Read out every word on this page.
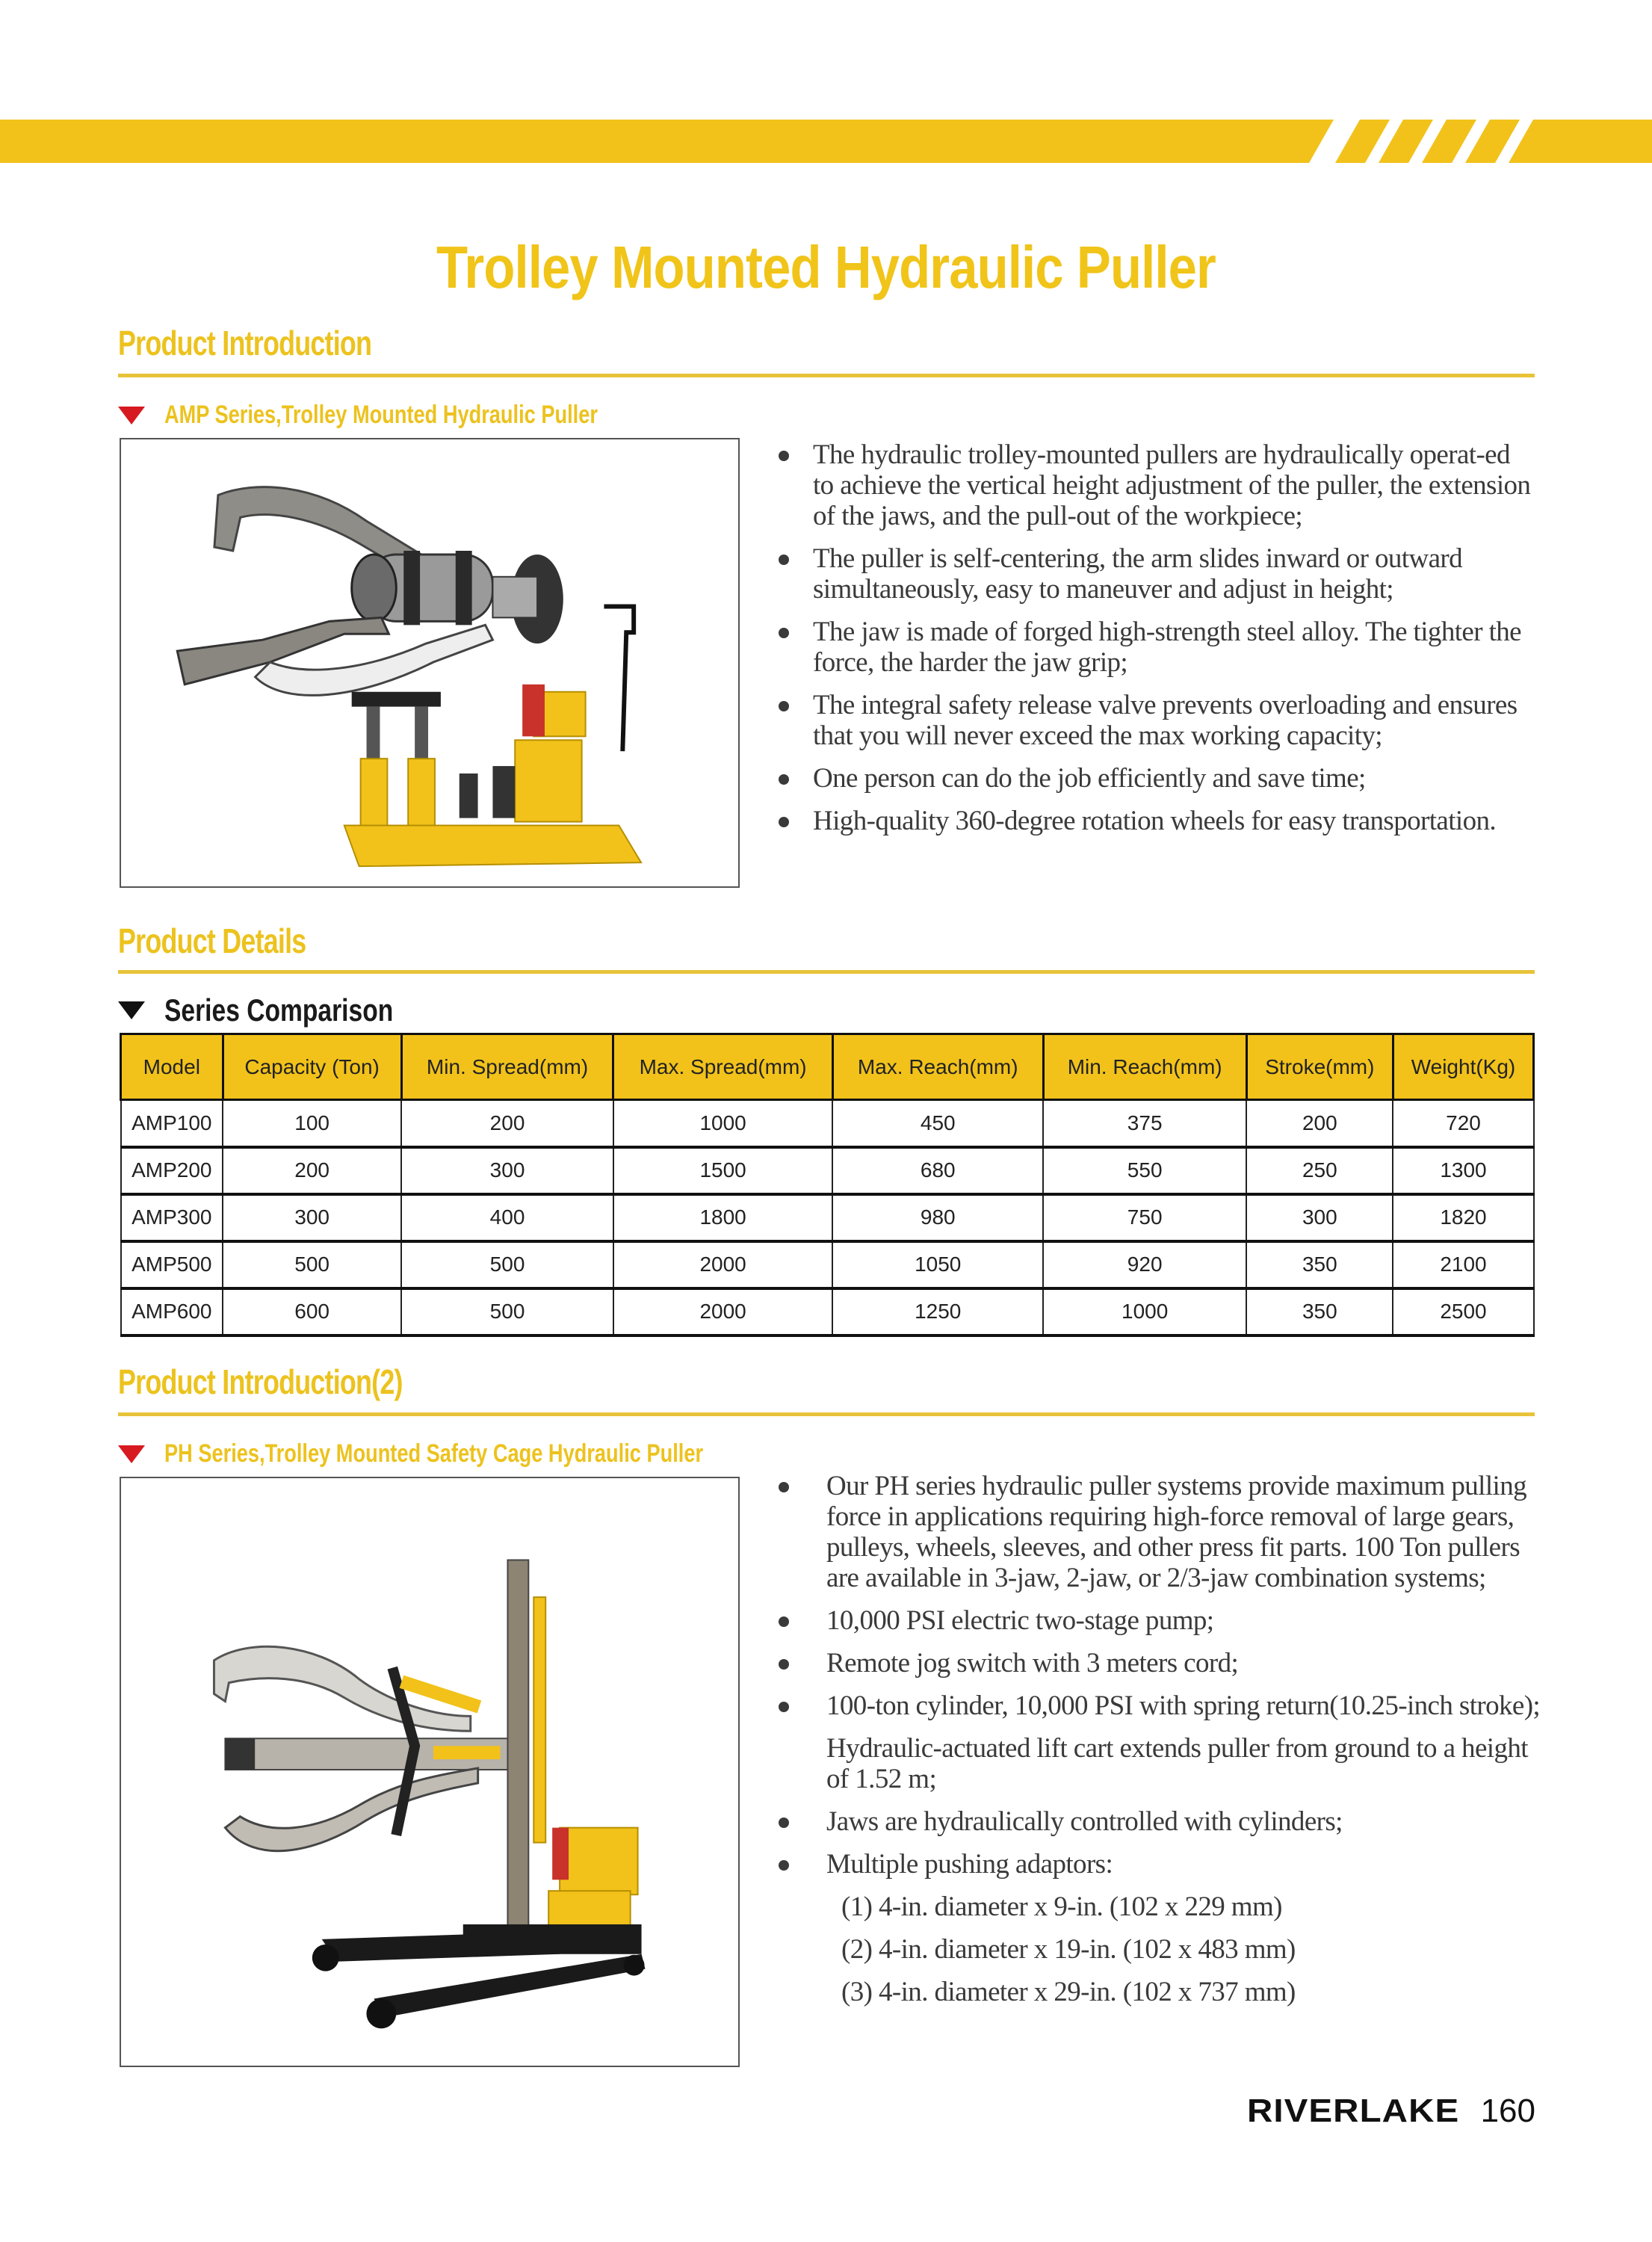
Trolley Mounted Hydraulic Puller
Product Introduction
AMP Series,Trolley Mounted Hydraulic Puller
The hydraulic trolley-mounted pullers are hydraulically operat-ed to achieve the vertical height adjustment of the puller, the extension of the jaws, and the pull-out of the workpiece;
The puller is self-centering, the arm slides inward or outward simultaneously, easy to maneuver and adjust in height;
The jaw is made of forged high-strength steel alloy. The tighter the force, the harder the jaw grip;
The integral safety release valve prevents overloading and ensures that you will never exceed the max working capacity;
One person can do the job efficiently and save time;
High-quality 360-degree rotation wheels for easy transportation.
Product Details
Series Comparison
Model	Capacity (Ton)	Min. Spread(mm)	Max. Spread(mm)	Max. Reach(mm)	Min. Reach(mm)	Stroke(mm)	Weight(Kg)
AMP100	100	200	1000	450	375	200	720
AMP200	200	300	1500	680	550	250	1300
AMP300	300	400	1800	980	750	300	1820
AMP500	500	500	2000	1050	920	350	2100
AMP600	600	500	2000	1250	1000	350	2500
Product Introduction(2)
PH Series,Trolley Mounted Safety Cage Hydraulic Puller
Our PH series hydraulic puller systems provide maximum pulling force in applications requiring high-force removal of large gears, pulleys, wheels, sleeves, and other press fit parts. 100 Ton pullers are available in 3-jaw, 2-jaw, or 2/3-jaw combination systems;
10,000 PSI electric two-stage pump;
Remote jog switch with 3 meters cord;
100-ton cylinder, 10,000 PSI with spring return(10.25-inch stroke);
Hydraulic-actuated lift cart extends puller from ground to a height of 1.52 m;
Jaws are hydraulically controlled with cylinders;
Multiple pushing adaptors:
(1) 4-in. diameter x 9-in. (102 x 229 mm)
(2) 4-in. diameter x 19-in. (102 x 483 mm)
(3) 4-in. diameter x 29-in. (102 x 737 mm)
RIVERLAKE 160
